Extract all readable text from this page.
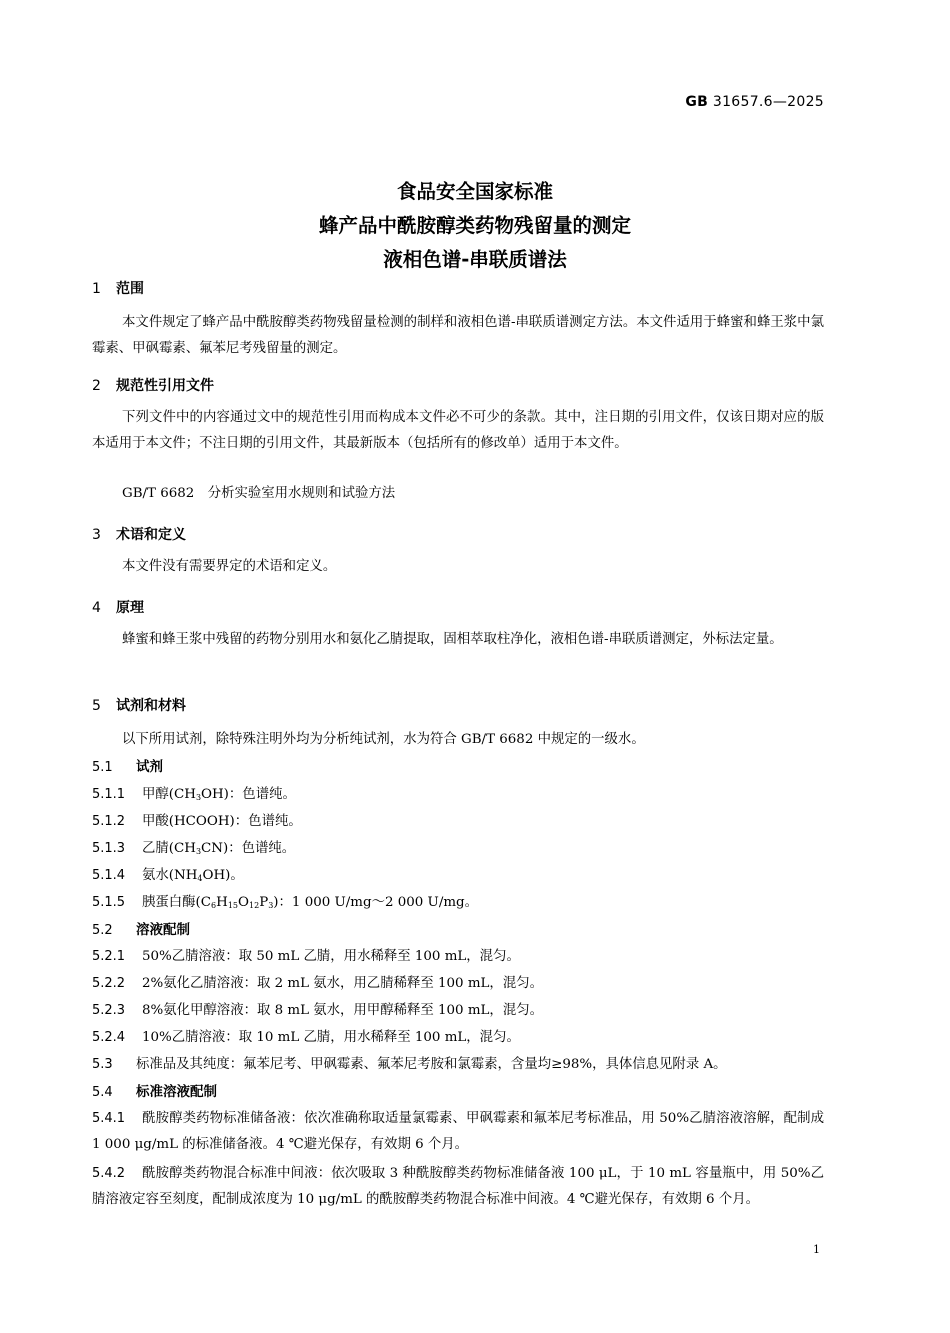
GB 31657.6—2025
食品安全国家标准
蜂产品中酰胺醇类药物残留量的测定
液相色谱-串联质谱法
1 范围
本文件规定了蜂产品中酰胺醇类药物残留量检测的制样和液相色谱-串联质谱测定方法。本文件适用于蜂蜜和蜂王浆中氯霉素、甲砜霉素、氟苯尼考残留量的测定。
2 规范性引用文件
下列文件中的内容通过文中的规范性引用而构成本文件必不可少的条款。其中，注日期的引用文件，仅该日期对应的版本适用于本文件；不注日期的引用文件，其最新版本（包括所有的修改单）适用于本文件。
GB/T 6682　分析实验室用水规则和试验方法
3 术语和定义
本文件没有需要界定的术语和定义。
4 原理
蜂蜜和蜂王浆中残留的药物分别用水和氨化乙腈提取，固相萃取柱净化，液相色谱-串联质谱测定，外标法定量。
5 试剂和材料
以下所用试剂，除特殊注明外均为分析纯试剂，水为符合 GB/T 6682 中规定的一级水。
5.1 试剂
5.1.1 甲醇$(CH_3OH)$：色谱纯。
5.1.2 甲酸(HCOOH)：色谱纯。
5.1.3 乙腈$(CH_3CN)$：色谱纯。
5.1.4 氨水$(NH_4OH)$。
5.1.5 胰蛋白酶$(C_6H_{15}O_{12}P_3)$：1 000 U/mg～2 000 U/mg。
5.2 溶液配制
5.2.1 50%乙腈溶液：取 50 mL 乙腈，用水稀释至 100 mL，混匀。
5.2.2 2%氨化乙腈溶液：取 2 mL 氨水，用乙腈稀释至 100 mL，混匀。
5.2.3 8%氨化甲醇溶液：取 8 mL 氨水，用甲醇稀释至 100 mL，混匀。
5.2.4 10%乙腈溶液：取 10 mL 乙腈，用水稀释至 100 mL，混匀。
5.3 标准品及其纯度：氟苯尼考、甲砜霉素、氟苯尼考胺和氯霉素，含量均≥98%，具体信息见附录 A。
5.4 标准溶液配制
5.4.1 酰胺醇类药物标准储备液：依次准确称取适量氯霉素、甲砜霉素和氟苯尼考标准品，用 50%乙腈溶液溶解，配制成 1 000 μg/mL 的标准储备液。4 ℃避光保存，有效期 6 个月。
5.4.2 酰胺醇类药物混合标准中间液：依次吸取 3 种酰胺醇类药物标准储备液 100 μL，于 10 mL 容量瓶中，用 50%乙腈溶液定容至刻度，配制成浓度为 10 μg/mL 的酰胺醇类药物混合标准中间液。4 ℃避光保存，有效期 6 个月。
1
